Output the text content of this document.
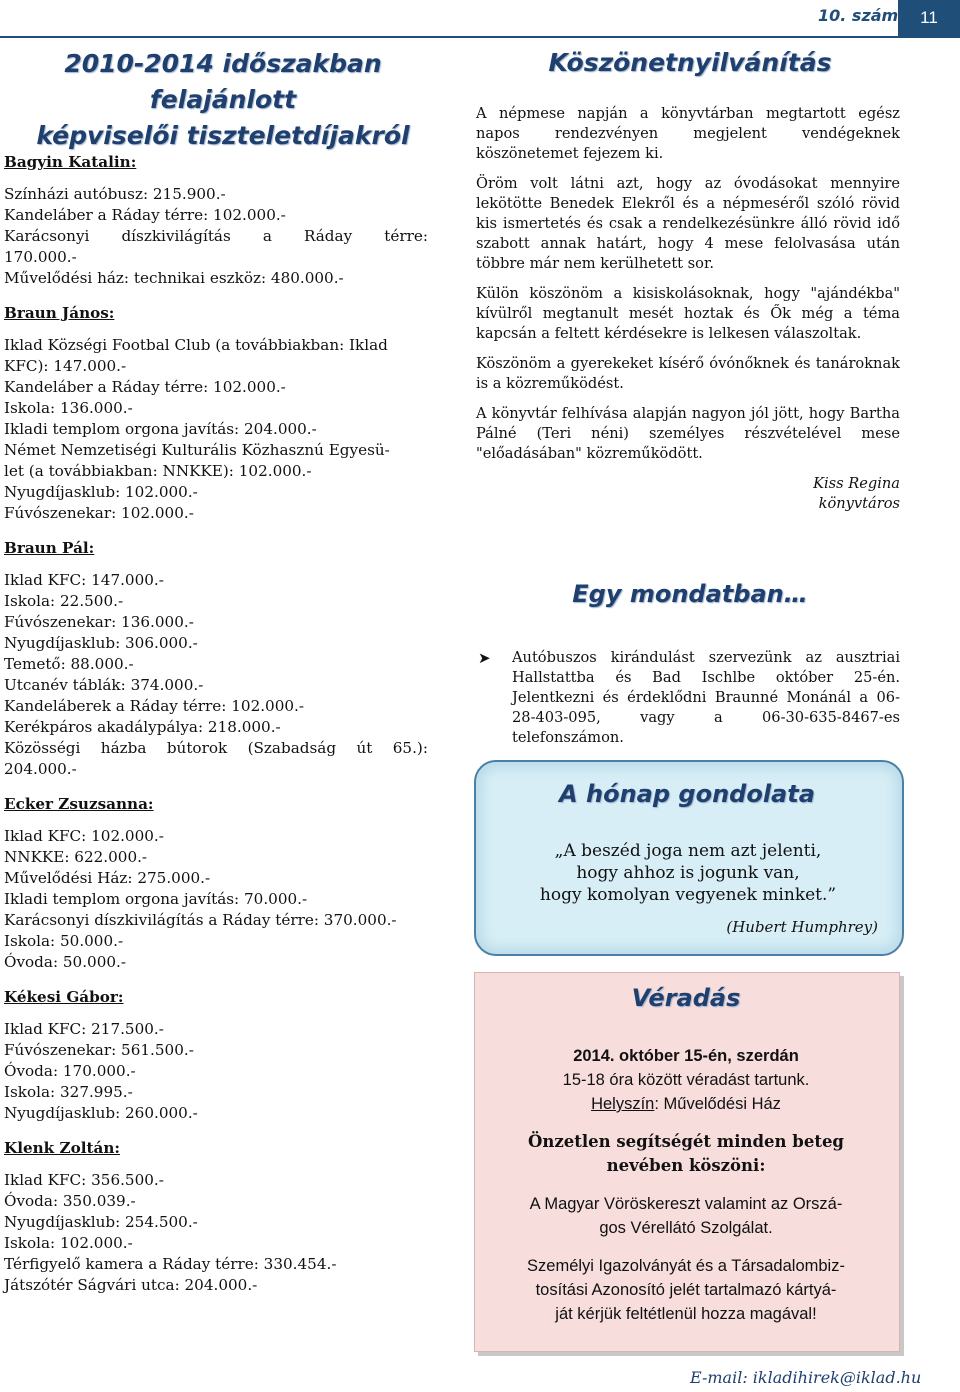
10. szám	11
2010-2014 időszakban felajánlott
képviselői tiszteletdíjakról
Bagyin Katalin:
Színházi autóbusz: 215.900.-
Kandeláber a Ráday térre: 102.000.-
Karácsonyi díszkivilágítás a Ráday térre:
170.000.-
Művelődési ház: technikai eszköz: 480.000.-
Braun János:
Iklad Községi Footbal Club (a továbbiakban: Iklad
KFC): 147.000.-
Kandeláber a Ráday térre: 102.000.-
Iskola: 136.000.-
Ikladi templom orgona javítás: 204.000.-
Német Nemzetiségi Kulturális Közhasznú Egyesü-
let (a továbbiakban: NNKKE): 102.000.-
Nyugdíjasklub: 102.000.-
Fúvószenekar: 102.000.-
Braun Pál:
Iklad KFC: 147.000.-
Iskola: 22.500.-
Fúvószenekar: 136.000.-
Nyugdíjasklub: 306.000.-
Temető: 88.000.-
Utcanév táblák: 374.000.-
Kandeláberek a Ráday térre: 102.000.-
Kerékpáros akadálypálya: 218.000.-
Közösségi házba bútorok (Szabadság út 65.):
204.000.-
Ecker Zsuzsanna:
Iklad KFC: 102.000.-
NNKKE: 622.000.-
Művelődési Ház: 275.000.-
Ikladi templom orgona javítás: 70.000.-
Karácsonyi díszkivilágítás a Ráday térre: 370.000.-
Iskola: 50.000.-
Óvoda: 50.000.-
Kékesi Gábor:
Iklad KFC: 217.500.-
Fúvószenekar: 561.500.-
Óvoda: 170.000.-
Iskola: 327.995.-
Nyugdíjasklub: 260.000.-
Klenk Zoltán:
Iklad KFC: 356.500.-
Óvoda: 350.039.-
Nyugdíjasklub: 254.500.-
Iskola: 102.000.-
Térfigyelő kamera a Ráday térre: 330.454.-
Játszótér Ságvári utca: 204.000.-
Köszönetnyilvánítás

A népmese napján a könyvtárban megtartott egész napos rendezvényen megjelent vendégeknek köszönetemet fejezem ki.

Öröm volt látni azt, hogy az óvodásokat mennyire lekötötte Benedek Elekről és a népmeséről szóló rövid kis ismertetés és csak a rendelkezésünkre álló rövid idő szabott annak határt, hogy 4 mese felolvasása után többre már nem kerülhetett sor.

Külön köszönöm a kisiskolásoknak, hogy "ajándékba" kívülről megtanult mesét hoztak és Ők még a téma kapcsán a feltett kérdésekre is lelkesen válaszoltak.

Köszönöm a gyerekeket kísérő óvónőknek és tanároknak is a közreműködést.

A könyvtár felhívása alapján nagyon jól jött, hogy Bartha Pálné (Teri néni) személyes részvételével mese "előadásában" közreműködött.

Kiss Regina
könyvtáros
Egy mondatban…
➤ Autóbuszos kirándulást szervezünk az ausztriai Hallstattba és Bad Ischlbe október 25-én. Jelentkezni és érdeklődni Braunné Monánál a 06-28-403-095, vagy a 06-30-635-8467-es telefonszámon.
A hónap gondolata
„A beszéd joga nem azt jelenti,
hogy ahhoz is jogunk van,
hogy komolyan vegyenek minket.”
(Hubert Humphrey)
Véradás
2014. október 15-én, szerdán
15-18 óra között véradást tartunk.
Helyszín: Művelődési Ház
Önzetlen segítségét minden beteg
nevében köszöni:
A Magyar Vöröskereszt valamint az Orszá-
gos Vérellátó Szolgálat.
Személyi Igazolványát és a Társadalombiz-
tosítási Azonosító jelét tartalmazó kártyá-
ját kérjük feltétlenül hozza magával!
E-mail: ikladihirek@iklad.hu
